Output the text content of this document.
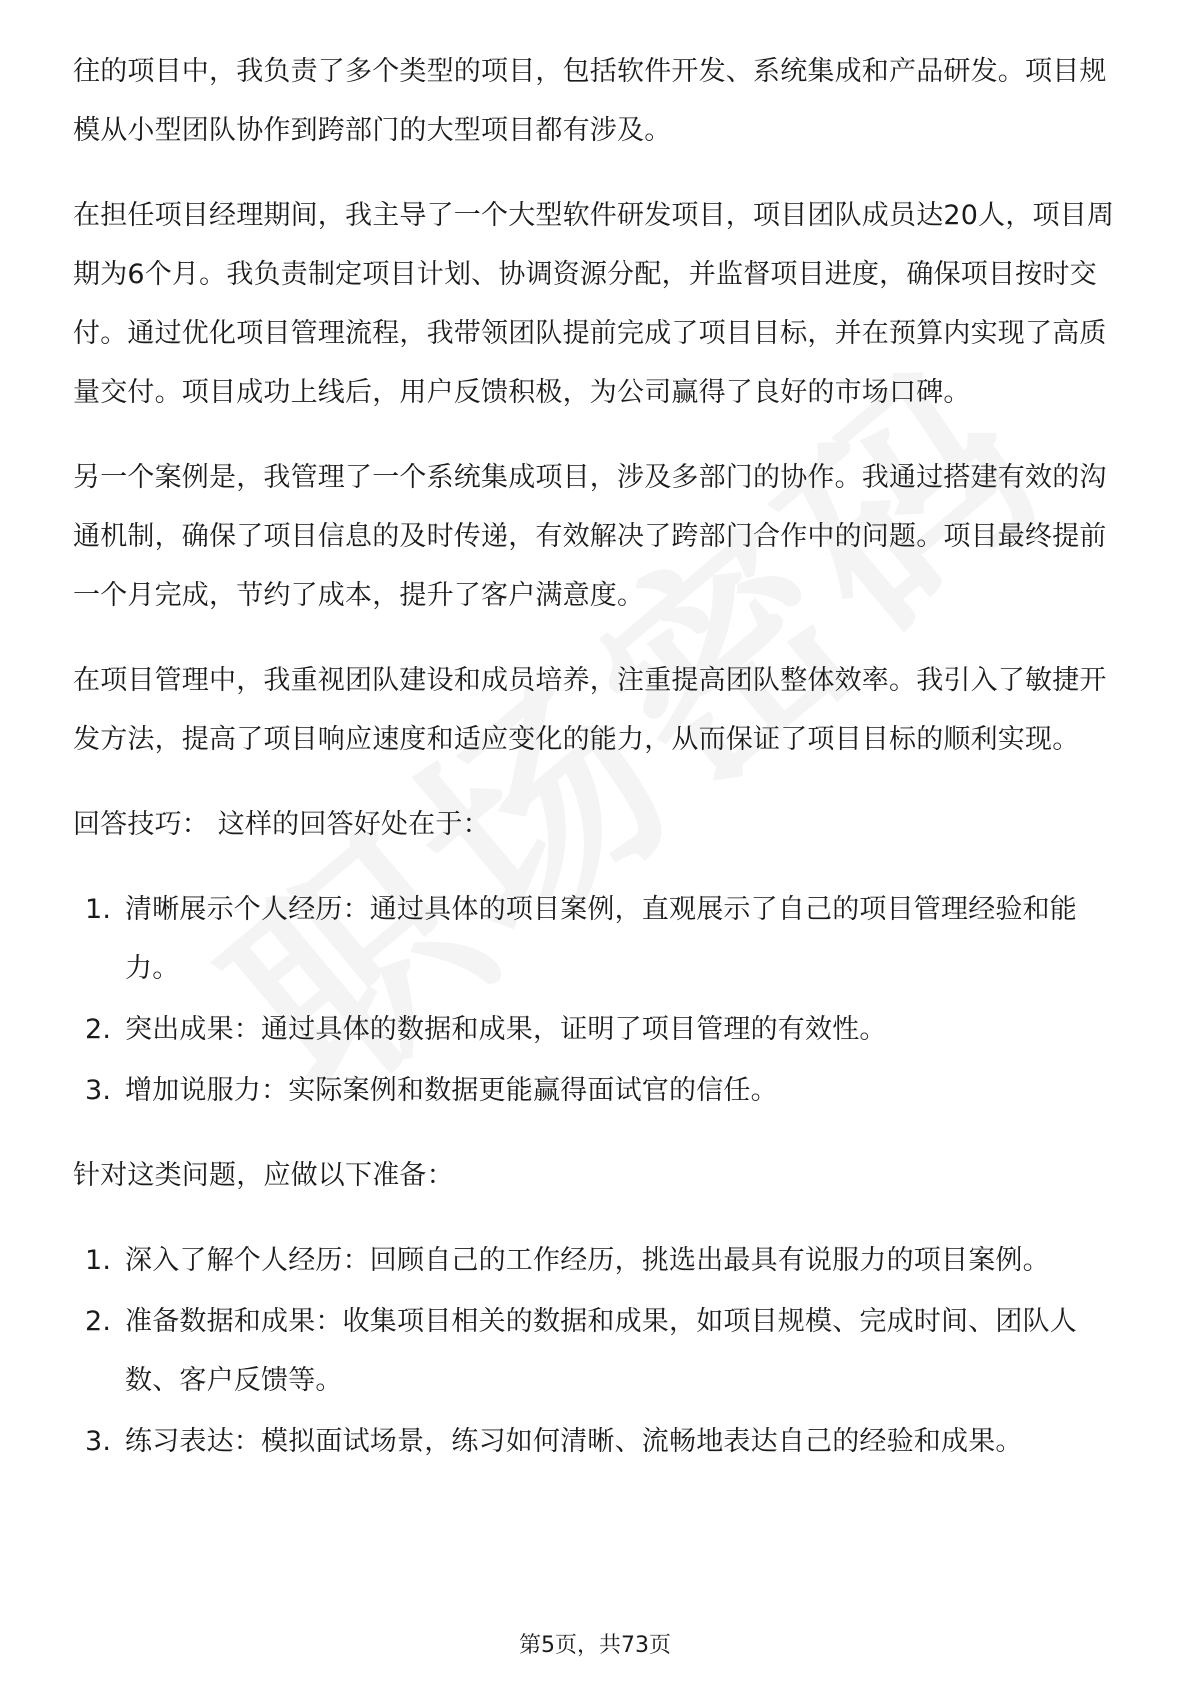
往的项目中，我负责了多个类型的项目，包括软件开发、系统集成和产品研发。项目规模从小型团队协作到跨部门的大型项目都有涉及。

在担任项目经理期间，我主导了一个大型软件研发项目，项目团队成员达20人，项目周期为6个月。我负责制定项目计划、协调资源分配，并监督项目进度，确保项目按时交付。通过优化项目管理流程，我带领团队提前完成了项目目标，并在预算内实现了高质量交付。项目成功上线后，用户反馈积极，为公司赢得了良好的市场口碑。

另一个案例是，我管理了一个系统集成项目，涉及多部门的协作。我通过搭建有效的沟通机制，确保了项目信息的及时传递，有效解决了跨部门合作中的问题。项目最终提前一个月完成，节约了成本，提升了客户满意度。

在项目管理中，我重视团队建设和成员培养，注重提高团队整体效率。我引入了敏捷开发方法，提高了项目响应速度和适应变化的能力，从而保证了项目目标的顺利实现。

回答技巧： 这样的回答好处在于：

1. 清晰展示个人经历：通过具体的项目案例，直观展示了自己的项目管理经验和能力。
2. 突出成果：通过具体的数据和成果，证明了项目管理的有效性。
3. 增加说服力：实际案例和数据更能赢得面试官的信任。

针对这类问题，应做以下准备：

1. 深入了解个人经历：回顾自己的工作经历，挑选出最具有说服力的项目案例。
2. 准备数据和成果：收集项目相关的数据和成果，如项目规模、完成时间、团队人数、客户反馈等。
3. 练习表达：模拟面试场景，练习如何清晰、流畅地表达自己的经验和成果。
第5页，共73页
